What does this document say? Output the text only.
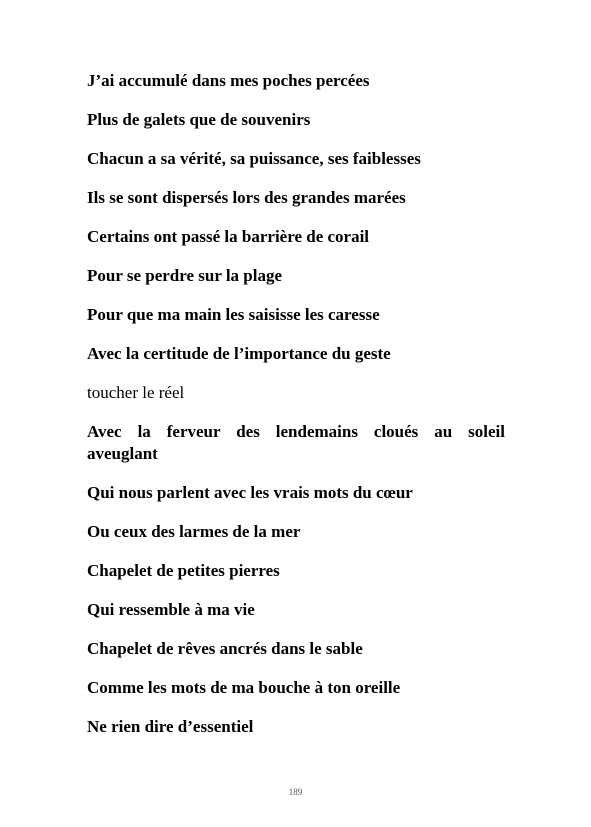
J’ai accumulé dans mes poches percées

Plus de galets que de souvenirs

Chacun a sa vérité, sa puissance, ses faiblesses

Ils se sont dispersés lors des grandes marées

Certains ont passé la barrière de corail

Pour se perdre sur la plage

Pour que ma main les saisisse les caresse

Avec la certitude de l’importance du geste

toucher le réel

Avec la ferveur des lendemains cloués au soleil aveuglant

Qui nous parlent avec les vrais mots du cœur

Ou ceux des larmes de la mer

Chapelet de petites pierres

Qui ressemble à ma vie

Chapelet de rêves ancrés dans le sable

Comme les mots de ma bouche à ton oreille

Ne rien dire d’essentiel

189
